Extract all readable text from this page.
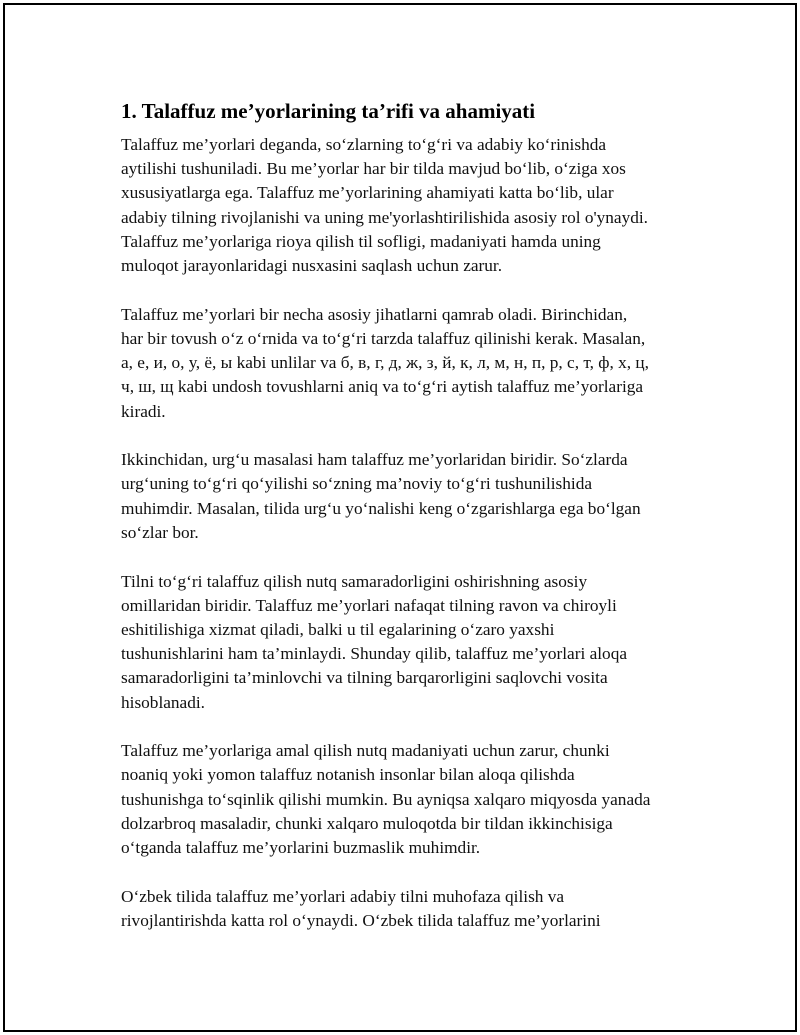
1. Talaffuz me’yorlarining ta’rifi va ahamiyati

Talaffuz me’yorlari deganda, so‘zlarning to‘g‘ri va adabiy ko‘rinishda
aytilishi tushuniladi. Bu me’yorlar har bir tilda mavjud bo‘lib, o‘ziga xos
xususiyatlarga ega. Talaffuz me’yorlarining ahamiyati katta bo‘lib, ular
adabiy tilning rivojlanishi va uning me'yorlashtirilishida asosiy rol o'ynaydi.
Talaffuz me’yorlariga rioya qilish til sofligi, madaniyati hamda uning
muloqot jarayonlaridagi nusxasini saqlash uchun zarur.

Talaffuz me’yorlari bir necha asosiy jihatlarni qamrab oladi. Birinchidan,
har bir tovush o‘z o‘rnida va to‘g‘ri tarzda talaffuz qilinishi kerak. Masalan,
а, е, и, о, у, ё, ы kabi unlilar va б, в, г, д, ж, з, й, к, л, м, н, п, р, с, т, ф, х, ц,
ч, ш, щ kabi undosh tovushlarni aniq va to‘g‘ri aytish talaffuz me’yorlariga
kiradi.

Ikkinchidan, urg‘u masalasi ham talaffuz me’yorlaridan biridir. So‘zlarda
urg‘uning to‘g‘ri qo‘yilishi so‘zning ma’noviy to‘g‘ri tushunilishida
muhimdir. Masalan, tilida urg‘u yo‘nalishi keng o‘zgarishlarga ega bo‘lgan
so‘zlar bor.

Tilni to‘g‘ri talaffuz qilish nutq samaradorligini oshirishning asosiy
omillaridan biridir. Talaffuz me’yorlari nafaqat tilning ravon va chiroyli
eshitilishiga xizmat qiladi, balki u til egalarining o‘zaro yaxshi
tushunishlarini ham ta’minlaydi. Shunday qilib, talaffuz me’yorlari aloqa
samaradorligini ta’minlovchi va tilning barqarorligini saqlovchi vosita
hisoblanadi.

Talaffuz me’yorlariga amal qilish nutq madaniyati uchun zarur, chunki
noaniq yoki yomon talaffuz notanish insonlar bilan aloqa qilishda
tushunishga to‘sqinlik qilishi mumkin. Bu ayniqsa xalqaro miqyosda yanada
dolzarbroq masaladir, chunki xalqaro muloqotda bir tildan ikkinchisiga
o‘tganda talaffuz me’yorlarini buzmaslik muhimdir.

O‘zbek tilida talaffuz me’yorlari adabiy tilni muhofaza qilish va
rivojlantirishda katta rol o‘ynaydi. O‘zbek tilida talaffuz me’yorlarini
